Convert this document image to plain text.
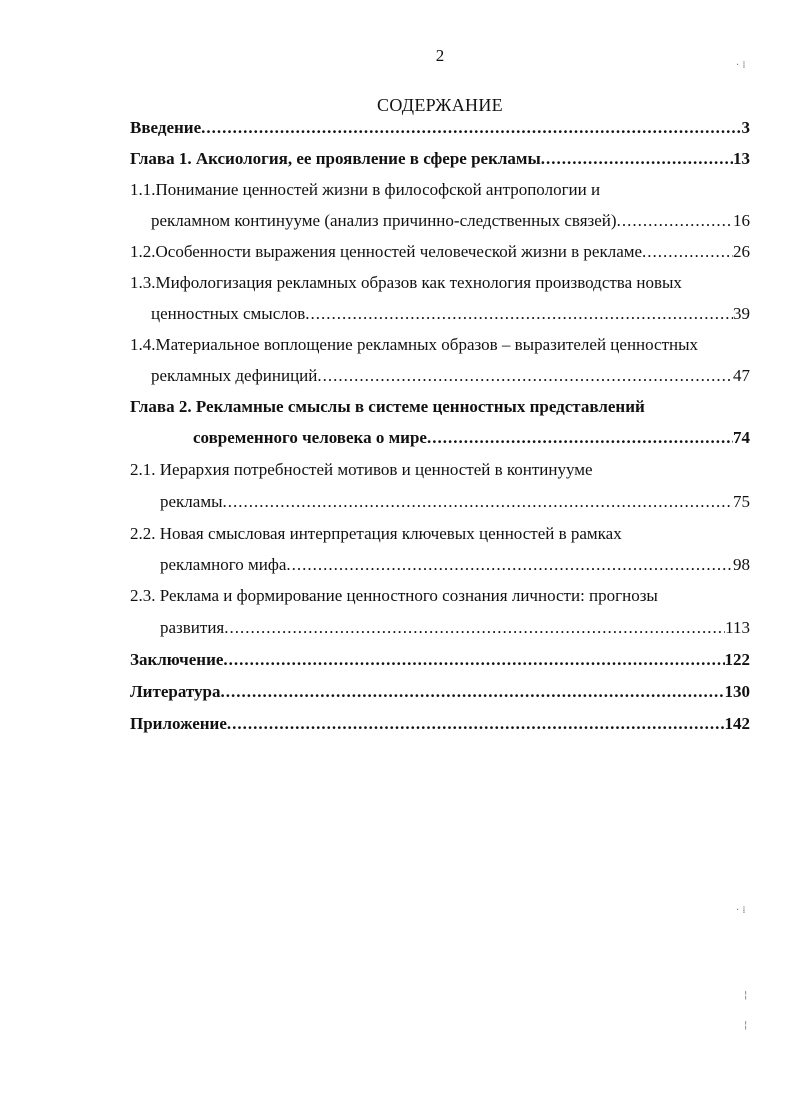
2
СОДЕРЖАНИЕ
Введение .....	3
Глава 1. Аксиология, ее проявление в сфере рекламы .....	13
1.1.Понимание ценностей жизни в философской антропологии и
рекламном континууме (анализ причинно-следственных связей) .....	16
1.2.Особенности выражения ценностей человеческой жизни в рекламе .....	26
1.3.Мифологизация рекламных образов как технология производства новых
ценностных смыслов .....	39
1.4.Материальное воплощение рекламных образов – выразителей ценностных
рекламных дефиниций .....	47
Глава 2. Рекламные смыслы в системе ценностных представлений
современного человека о мире .....	74
2.1. Иерархия потребностей мотивов и ценностей в континууме
рекламы .....	75
2.2. Новая смысловая интерпретация ключевых ценностей в рамках
рекламного мифа .....	98
2.3. Реклама и формирование ценностного сознания личности: прогнозы
развития .....	113
Заключение .....	122
Литература .....	130
Приложение .....	142
· ⁞
· ⁞
¦
¦
